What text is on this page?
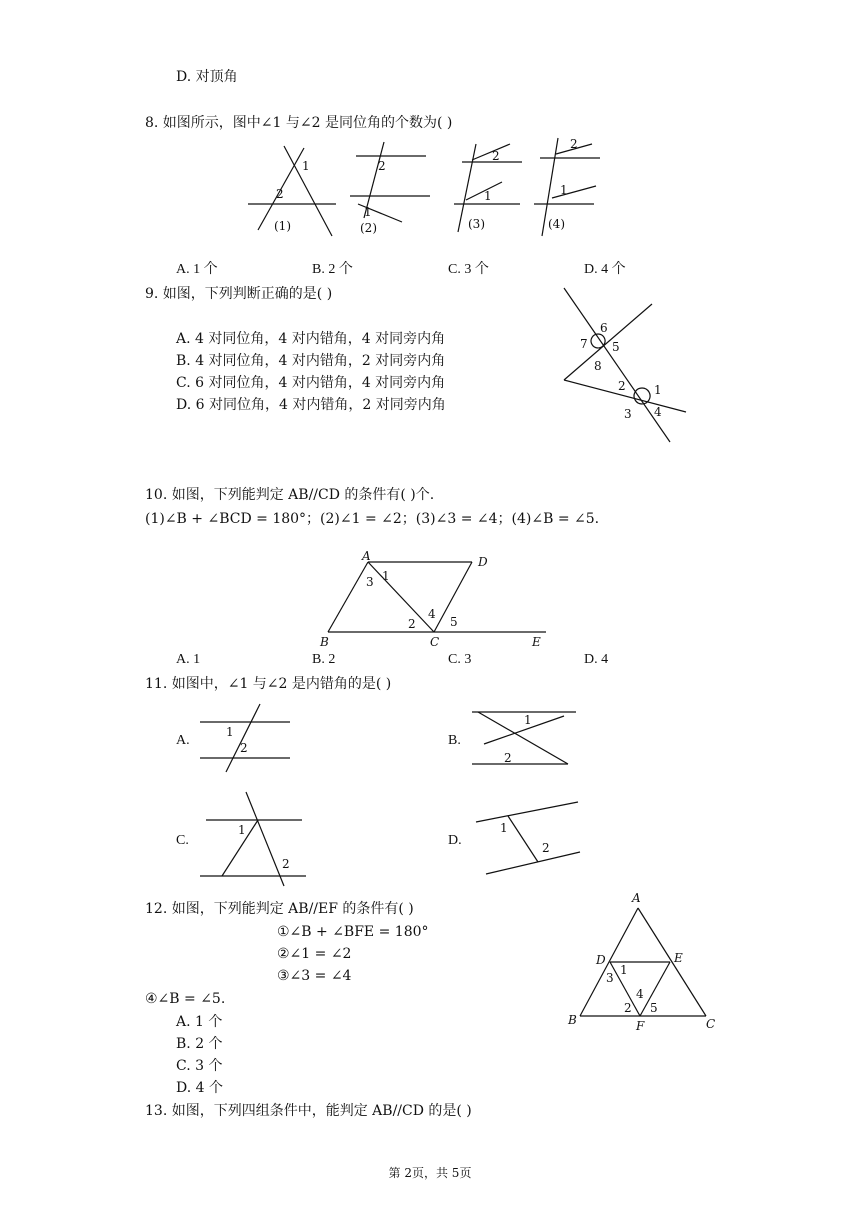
D. 对顶角
8. 如图所示，图中∠1 与∠2 是同位角的个数为( )
1
2
(1)
2
1
(2)
2
1
(3)
2
1
(4)
A. 1 个	B. 2 个	C. 3 个	D. 4 个
9. 如图，下列判断正确的是( )
A. 4 对同位角，4 对内错角，4 对同旁内角
B. 4 对同位角，4 对内错角，2 对同旁内角
C. 6 对同位角，4 对内错角，4 对同旁内角
D. 6 对同位角，4 对内错角，2 对同旁内角
6
7 5
8
2 1
3 4
10. 如图，下列能判定 AB//CD 的条件有( )个.
(1)∠B + ∠BCD = 180°；(2)∠1 = ∠2；(3)∠3 = ∠4；(4)∠B = ∠5.
A	D
3 1
4
2	5
B	C	E
A. 1	B. 2	C. 3	D. 4
11. 如图中，∠1 与∠2 是内错角的是( )
A.
1
2	B.
1
2
C.
1
2
D.
1
2
12. 如图，下列能判定 AB//EF 的条件有( )
①∠B + ∠BFE = 180°
②∠1 = ∠2
③∠3 = ∠4
④∠B = ∠5.
A. 1 个
B. 2 个
C. 3 个
D. 4 个
A
D	E
1
3
4
2 5
B	F	C
13. 如图，下列四组条件中，能判定 AB//CD 的是( )
第 2页，共 5页
